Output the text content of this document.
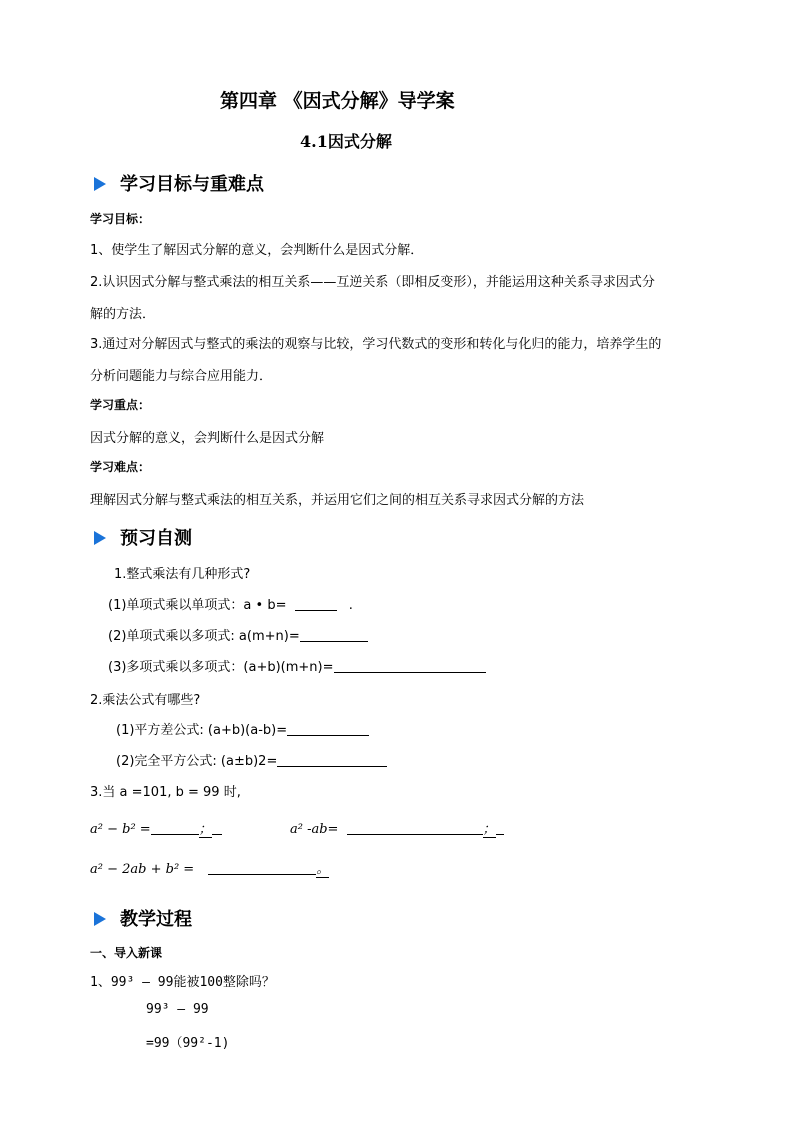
第四章 《因式分解》导学案
4.1因式分解
学习目标与重难点
学习目标：
1、使学生了解因式分解的意义，会判断什么是因式分解．
2.认识因式分解与整式乘法的相互关系——互逆关系（即相反变形），并能运用这种关系寻求因式分
解的方法．
3.通过对分解因式与整式的乘法的观察与比较，学习代数式的变形和转化与化归的能力，培养学生的
分析问题能力与综合应用能力．
学习重点：
因式分解的意义，会判断什么是因式分解
学习难点：
理解因式分解与整式乘法的相互关系，并运用它们之间的相互关系寻求因式分解的方法
预习自测
1.整式乘法有几种形式?
(1)单项式乘以单项式：a • b=	.
(2)单项式乘以多项式: a(m+n)=
(3)多项式乘以多项式：(a+b)(m+n)=
2.乘法公式有哪些?
(1)平方差公式: (a+b)(a-b)=
(2)完全平方公式: (a±b)2=
3.当 a =101, b = 99 时,
a² − b² =	；	a² -ab=	；
a² − 2ab + b² =	。
教学过程
一、导入新课
1、99³ – 99能被100整除吗？
99³ – 99
=99（99²-1)
